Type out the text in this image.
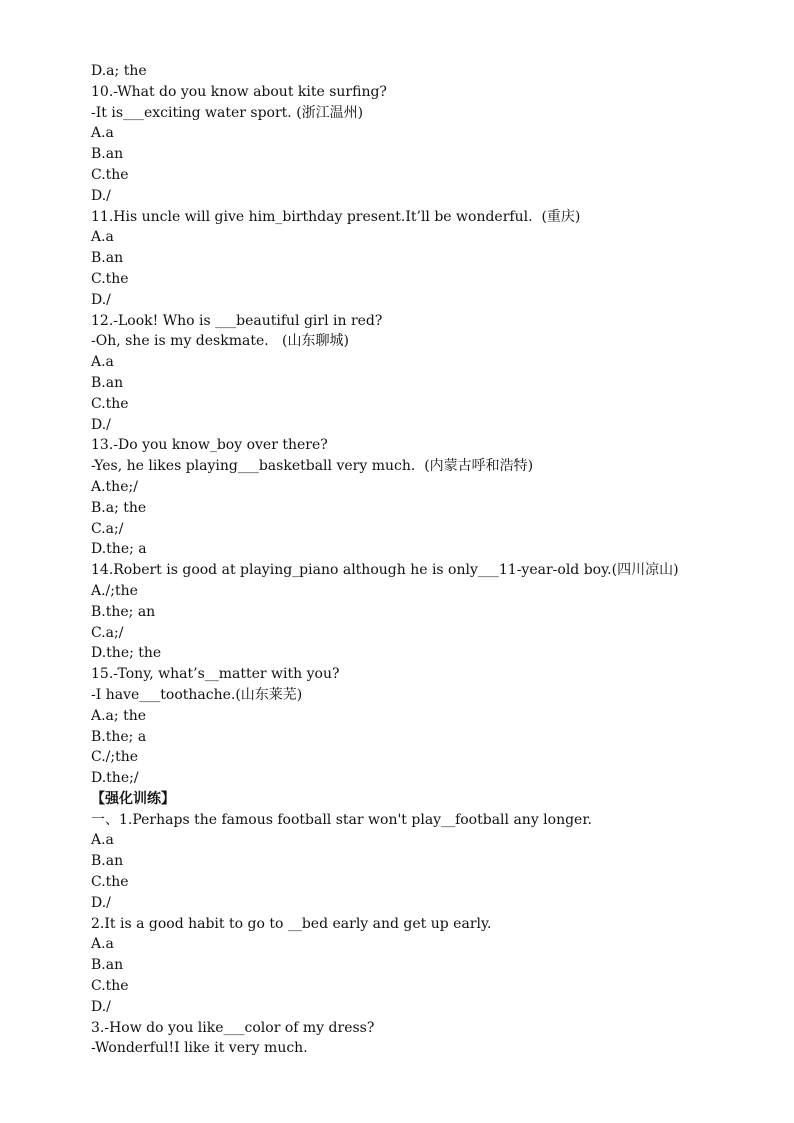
D.a; the
10.-What do you know about kite surfing?
-It is___exciting water sport. (浙江温州)
A.a
B.an
C.the
D./
11.His uncle will give him_birthday present.It’ll be wonderful.  (重庆)
A.a
B.an
C.the
D./
12.-Look! Who is ___beautiful girl in red?
-Oh, she is my deskmate.   (山东聊城)
A.a
B.an
C.the
D./
13.-Do you know_boy over there?
-Yes, he likes playing___basketball very much.  (内蒙古呼和浩特)
A.the;/
B.a; the
C.a;/
D.the; a
14.Robert is good at playing_piano although he is only___11-year-old boy.(四川凉山)
A./;the
B.the; an
C.a;/
D.the; the
15.-Tony, what’s__matter with you?
-I have___toothache.(山东莱芜)
A.a; the
B.the; a
C./;the
D.the;/
【强化训练】
一、1.Perhaps the famous football star won't play__football any longer.
A.a
B.an
C.the
D./
2.It is a good habit to go to __bed early and get up early.
A.a
B.an
C.the
D./
3.-How do you like___color of my dress?
-Wonderful!I like it very much.
